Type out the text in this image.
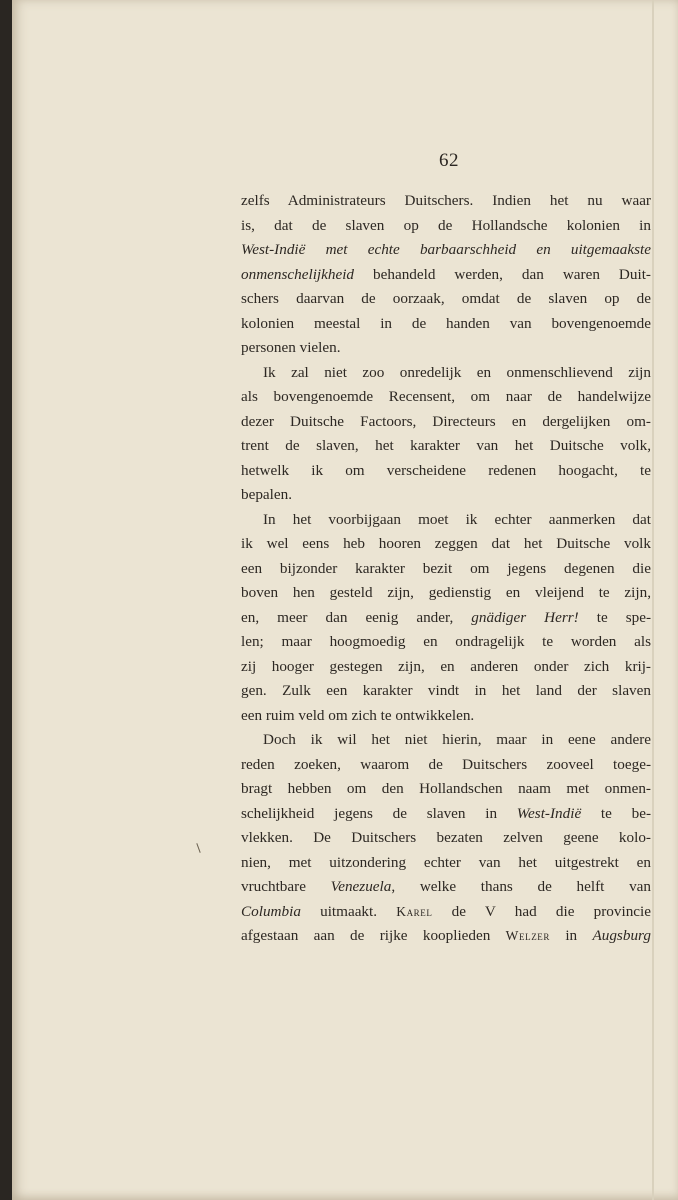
62
zelfs Administrateurs Duitschers. Indien het nu waar
is, dat de slaven op de Hollandsche kolonien in
West-Indië met echte barbaarschheid en uitgemaakste
onmenschelijkheid behandeld werden, dan waren Duit-
schers daarvan de oorzaak, omdat de slaven op de
kolonien meestal in de handen van bovengenoemde
personen vielen.
Ik zal niet zoo onredelijk en onmenschlievend zijn
als bovengenoemde Recensent, om naar de handelwijze
dezer Duitsche Factoors, Directeurs en dergelijken om-
trent de slaven, het karakter van het Duitsche volk,
hetwelk ik om verscheidene redenen hoogacht, te
bepalen.
In het voorbijgaan moet ik echter aanmerken dat
ik wel eens heb hooren zeggen dat het Duitsche volk
een bijzonder karakter bezit om jegens degenen die
boven hen gesteld zijn, gedienstig en vleijend te zijn,
en, meer dan eenig ander, gnädiger Herr! te spe-
len; maar hoogmoedig en ondragelijk te worden als
zij hooger gestegen zijn, en anderen onder zich krij-
gen. Zulk een karakter vindt in het land der slaven
een ruim veld om zich te ontwikkelen.
Doch ik wil het niet hierin, maar in eene andere
reden zoeken, waarom de Duitschers zooveel toege-
bragt hebben om den Hollandschen naam met onmen-
schelijkheid jegens de slaven in West-Indië te be-
vlekken. De Duitschers bezaten zelven geene kolo-
nien, met uitzondering echter van het uitgestrekt en
vruchtbare Venezuela, welke thans de helft van
Columbia uitmaakt. Karel de V had die provincie
afgestaan aan de rijke kooplieden Welzer in Augsburg
